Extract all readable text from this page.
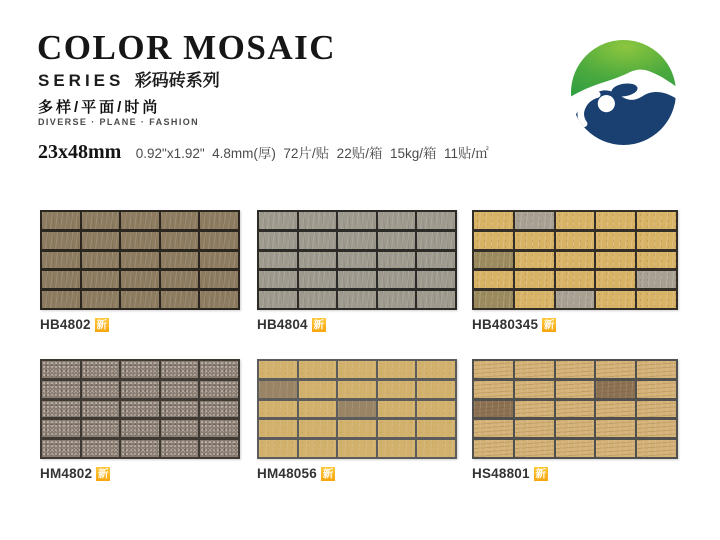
COLOR MOSAIC
SERIES 彩码砖系列
多样/平面/时尚
DIVERSE · PLANE · FASHION
23x48mm 0.92"x1.92"  4.8mm(厚)  72片/贴  22贴/箱  15kg/箱  11贴/㎡
HB4802 新	HB4804 新	HB480345 新
HM4802 新	HM48056 新	HS48801 新
